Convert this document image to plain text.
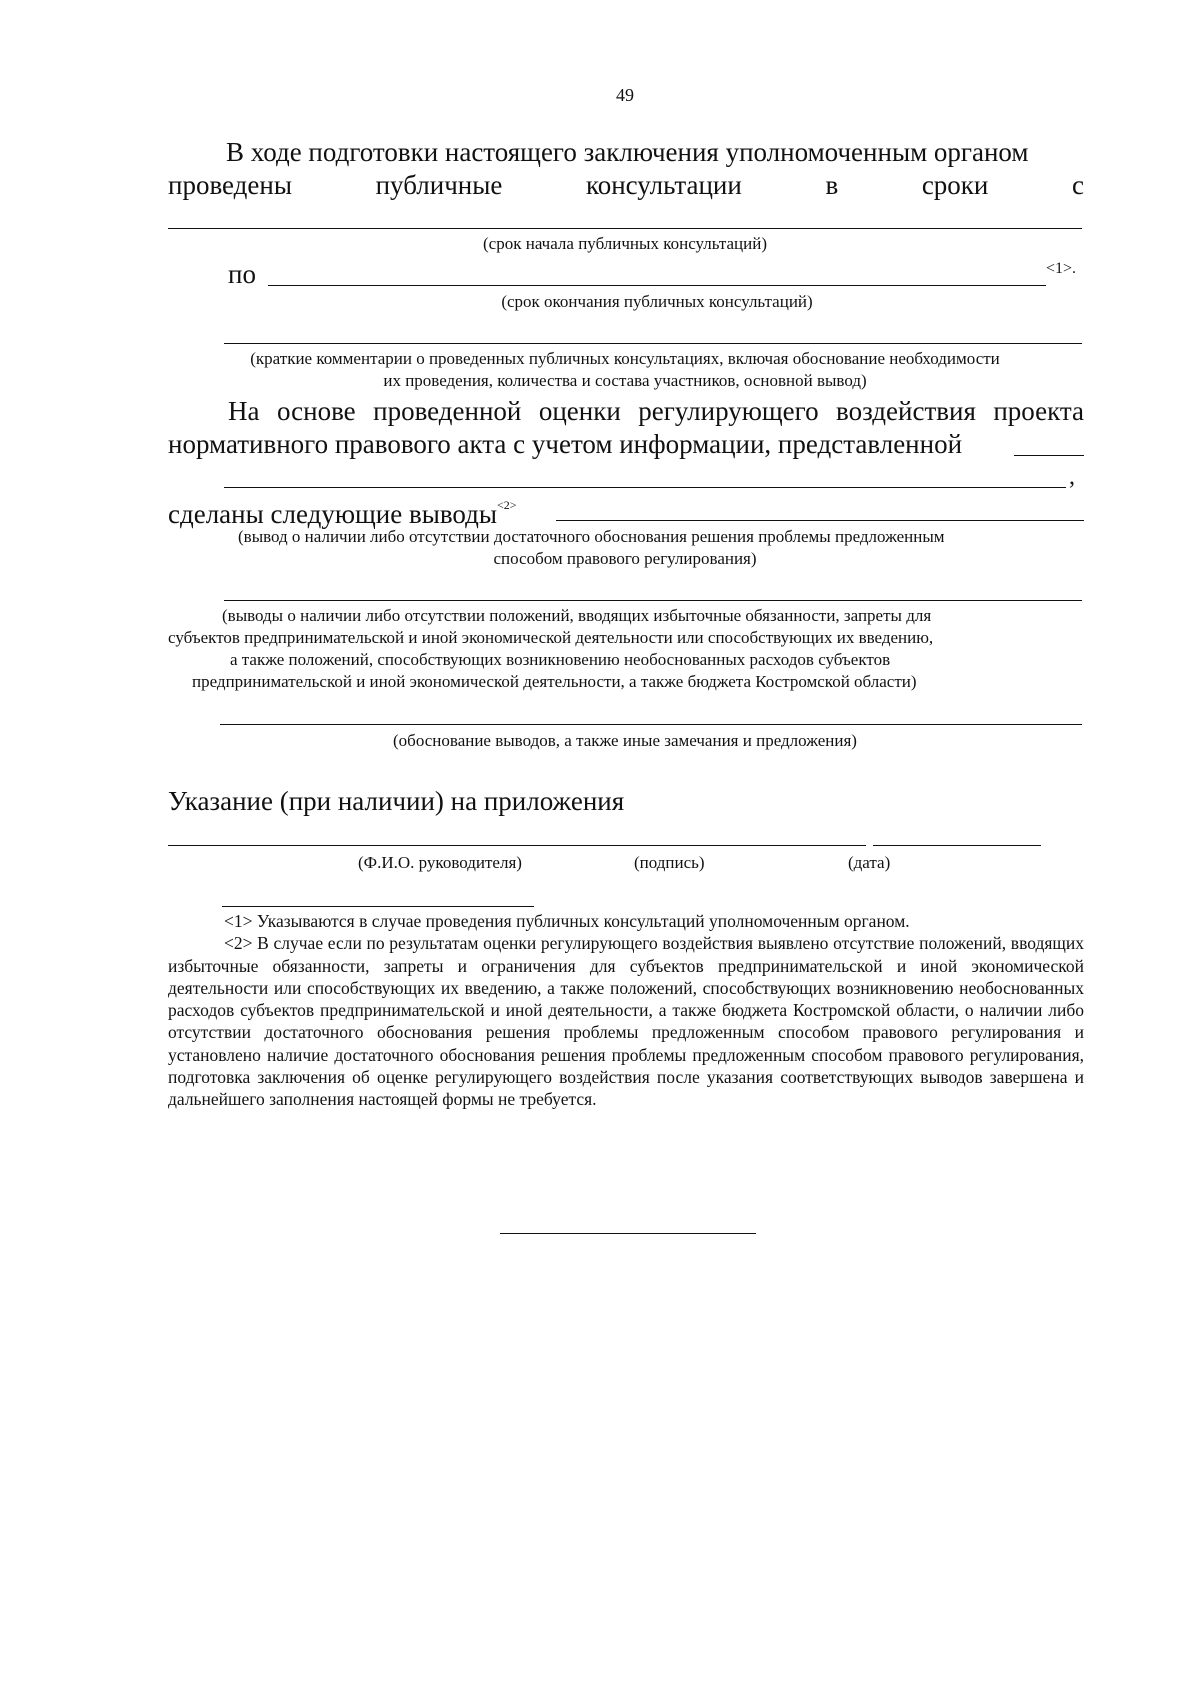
49
В ходе подготовки настоящего заключения уполномоченным органом
проведены	публичные	консультации	в	сроки	с
(срок начала публичных консультаций)
по	<1>.
(срок окончания публичных консультаций)
(краткие комментарии о проведенных публичных консультациях, включая обоснование необходимости
их проведения, количества и состава участников, основной вывод)
На основе проведенной оценки регулирующего воздействия проекта
нормативного правового акта с учетом информации, представленной
,
сделаны следующие выводы$^{<2>}$
(вывод о наличии либо отсутствии достаточного обоснования решения проблемы предложенным
способом правового регулирования)
(выводы о наличии либо отсутствии положений, вводящих избыточные обязанности, запреты для
субъектов предпринимательской и иной экономической деятельности или способствующих их введению,
а также положений, способствующих возникновению необоснованных расходов субъектов
предпринимательской и иной экономической деятельности, а также бюджета Костромской области)
(обоснование выводов, а также иные замечания и предложения)
Указание (при наличии) на приложения
(Ф.И.О. руководителя)	(подпись)	(дата)

<1> Указываются в случае проведения публичных консультаций уполномоченным органом.

<2> В случае если по результатам оценки регулирующего воздействия выявлено отсутствие положений, вводящих избыточные обязанности, запреты и ограничения для субъектов предпринимательской и иной экономической деятельности или способствующих их введению, а также положений, способствующих возникновению необоснованных расходов субъектов предпринимательской и иной деятельности, а также бюджета Костромской области, о наличии либо отсутствии достаточного обоснования решения проблемы предложенным способом правового регулирования и установлено наличие достаточного обоснования решения проблемы предложенным способом правового регулирования, подготовка заключения об оценке регулирующего воздействия после указания соответствующих выводов завершена и дальнейшего заполнения настоящей формы не требуется.
